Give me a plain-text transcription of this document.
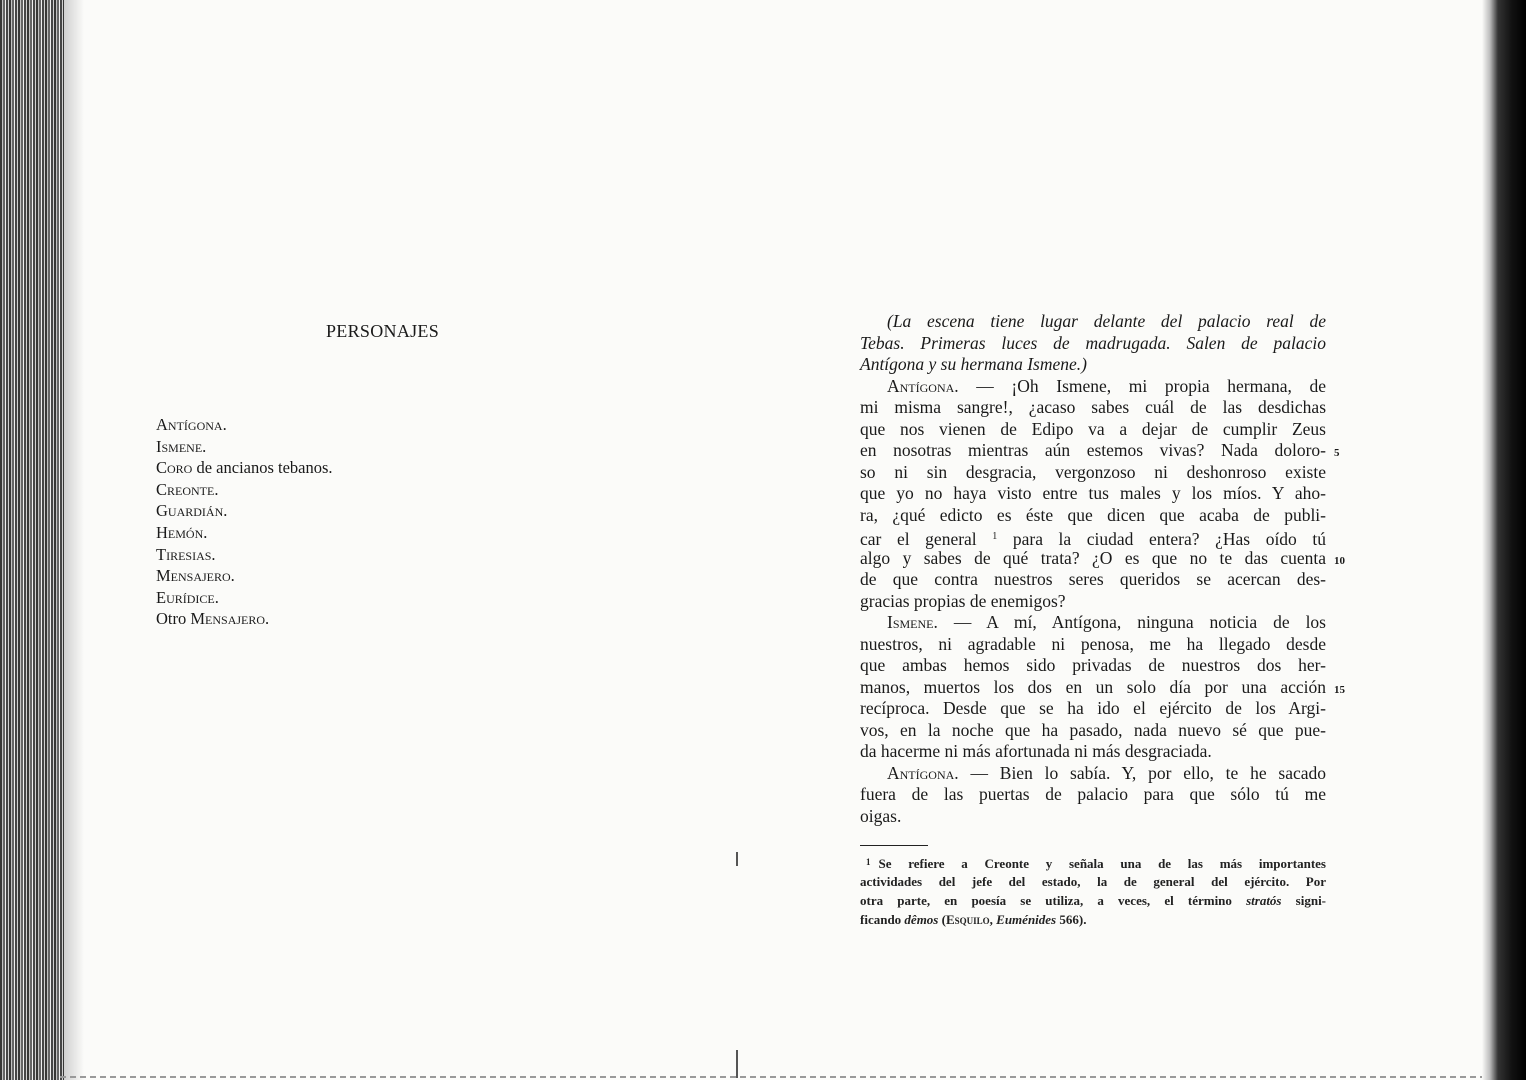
PERSONAJES
Antígona.
Ismene.
Coro de ancianos tebanos.
Creonte.
Guardián.
Hemón.
Tiresias.
Mensajero.
Eurídice.
Otro Mensajero.
(La escena tiene lugar delante del palacio real de
Tebas. Primeras luces de madrugada. Salen de palacio
Antígona y su hermana Ismene.)
Antígona. — ¡Oh Ismene, mi propia hermana, de
mi misma sangre!, ¿acaso sabes cuál de las desdichas
que nos vienen de Edipo va a dejar de cumplir Zeus
en nosotras mientras aún estemos vivas? Nada doloro-
so ni sin desgracia, vergonzoso ni deshonroso existe
que yo no haya visto entre tus males y los míos. Y aho-
ra, ¿qué edicto es éste que dicen que acaba de publi-
car el general $^1$ para la ciudad entera? ¿Has oído tú
algo y sabes de qué trata? ¿O es que no te das cuenta
de que contra nuestros seres queridos se acercan des-
gracias propias de enemigos?
Ismene. — A mí, Antígona, ninguna noticia de los
nuestros, ni agradable ni penosa, me ha llegado desde
que ambas hemos sido privadas de nuestros dos her-
manos, muertos los dos en un solo día por una acción
recíproca. Desde que se ha ido el ejército de los Argi-
vos, en la noche que ha pasado, nada nuevo sé que pue-
da hacerme ni más afortunada ni más desgraciada.
Antígona. — Bien lo sabía. Y, por ello, te he sacado
fuera de las puertas de palacio para que sólo tú me
oigas.
5
10
15
$^1$ Se refiere a Creonte y señala una de las más importantes
actividades del jefe del estado, la de general del ejército. Por
otra parte, en poesía se utiliza, a veces, el término stratós signi-
ficando dêmos (Esquilo, Euménides 566).
